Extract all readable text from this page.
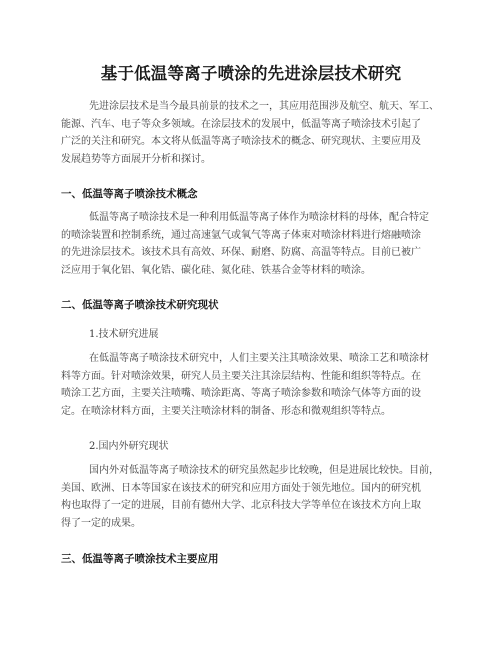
基于低温等离子喷涂的先进涂层技术研究

先进涂层技术是当今最具前景的技术之一，其应用范围涉及航空、航天、军工、
能源、汽车、电子等众多领域。在涂层技术的发展中，低温等离子喷涂技术引起了
广泛的关注和研究。本文将从低温等离子喷涂技术的概念、研究现状、主要应用及
发展趋势等方面展开分析和探讨。

一、低温等离子喷涂技术概念

低温等离子喷涂技术是一种利用低温等离子体作为喷涂材料的母体，配合特定
的喷涂装置和控制系统，通过高速氩气或氧气等离子体束对喷涂材料进行熔融喷涂
的先进涂层技术。该技术具有高效、环保、耐磨、防腐、高温等特点。目前已被广
泛应用于氧化铝、氧化锆、碳化硅、氮化硅、铁基合金等材料的喷涂。

二、低温等离子喷涂技术研究现状
1.技术研究进展

在低温等离子喷涂技术研究中，人们主要关注其喷涂效果、喷涂工艺和喷涂材
料等方面。针对喷涂效果，研究人员主要关注其涂层结构、性能和组织等特点。在
喷涂工艺方面，主要关注喷嘴、喷涂距离、等离子喷涂参数和喷涂气体等方面的设
定。在喷涂材料方面，主要关注喷涂材料的制备、形态和微观组织等特点。

2.国内外研究现状

国内外对低温等离子喷涂技术的研究虽然起步比较晚，但是进展比较快。目前，
美国、欧洲、日本等国家在该技术的研究和应用方面处于领先地位。国内的研究机
构也取得了一定的进展，目前有德州大学、北京科技大学等单位在该技术方向上取
得了一定的成果。

三、低温等离子喷涂技术主要应用
